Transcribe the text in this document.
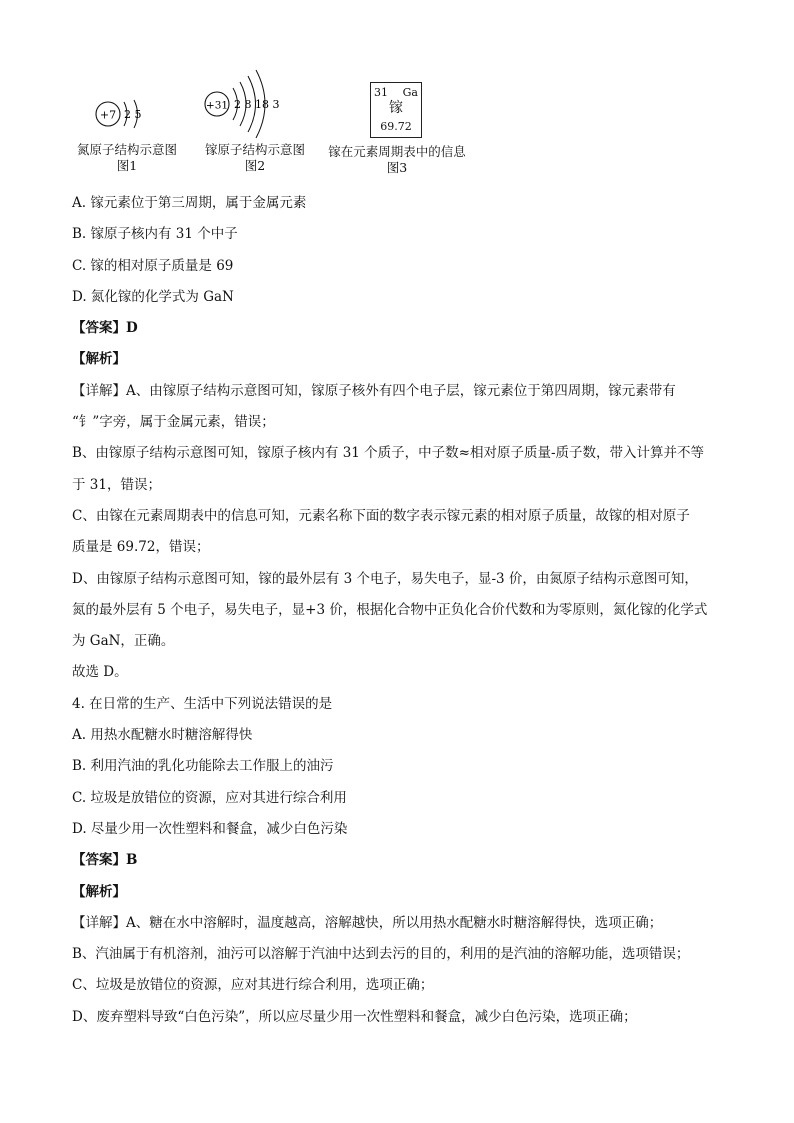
+7 2 5
氮原子结构示意图
图1
+31 2 8 18 3
镓原子结构示意图
图2
31 Ga
镓
69.72
镓在元素周期表中的信息
图3
A. 镓元素位于第三周期，属于金属元素
B. 镓原子核内有 31 个中子
C. 镓的相对原子质量是 69
D. 氮化镓的化学式为 GaN
【答案】D
【解析】
【详解】A、由镓原子结构示意图可知，镓原子核外有四个电子层，镓元素位于第四周期，镓元素带有
“钅”字旁，属于金属元素，错误；
B、由镓原子结构示意图可知，镓原子核内有 31 个质子，中子数≈相对原子质量-质子数，带入计算并不等
于 31，错误；
C、由镓在元素周期表中的信息可知，元素名称下面的数字表示镓元素的相对原子质量，故镓的相对原子
质量是 69.72，错误；
D、由镓原子结构示意图可知，镓的最外层有 3 个电子，易失电子，显-3 价，由氮原子结构示意图可知，
氮的最外层有 5 个电子，易失电子，显+3 价，根据化合物中正负化合价代数和为零原则，氮化镓的化学式
为 GaN，正确。
故选 D。
4. 在日常的生产、生活中下列说法错误的是
A. 用热水配糖水时糖溶解得快
B. 利用汽油的乳化功能除去工作服上的油污
C. 垃圾是放错位的资源，应对其进行综合利用
D. 尽量少用一次性塑料和餐盒，减少白色污染
【答案】B
【解析】
【详解】A、糖在水中溶解时，温度越高，溶解越快，所以用热水配糖水时糖溶解得快，选项正确；
B、汽油属于有机溶剂，油污可以溶解于汽油中达到去污的目的，利用的是汽油的溶解功能，选项错误；
C、垃圾是放错位的资源，应对其进行综合利用，选项正确；
D、废弃塑料导致“白色污染”，所以应尽量少用一次性塑料和餐盒，减少白色污染，选项正确；
